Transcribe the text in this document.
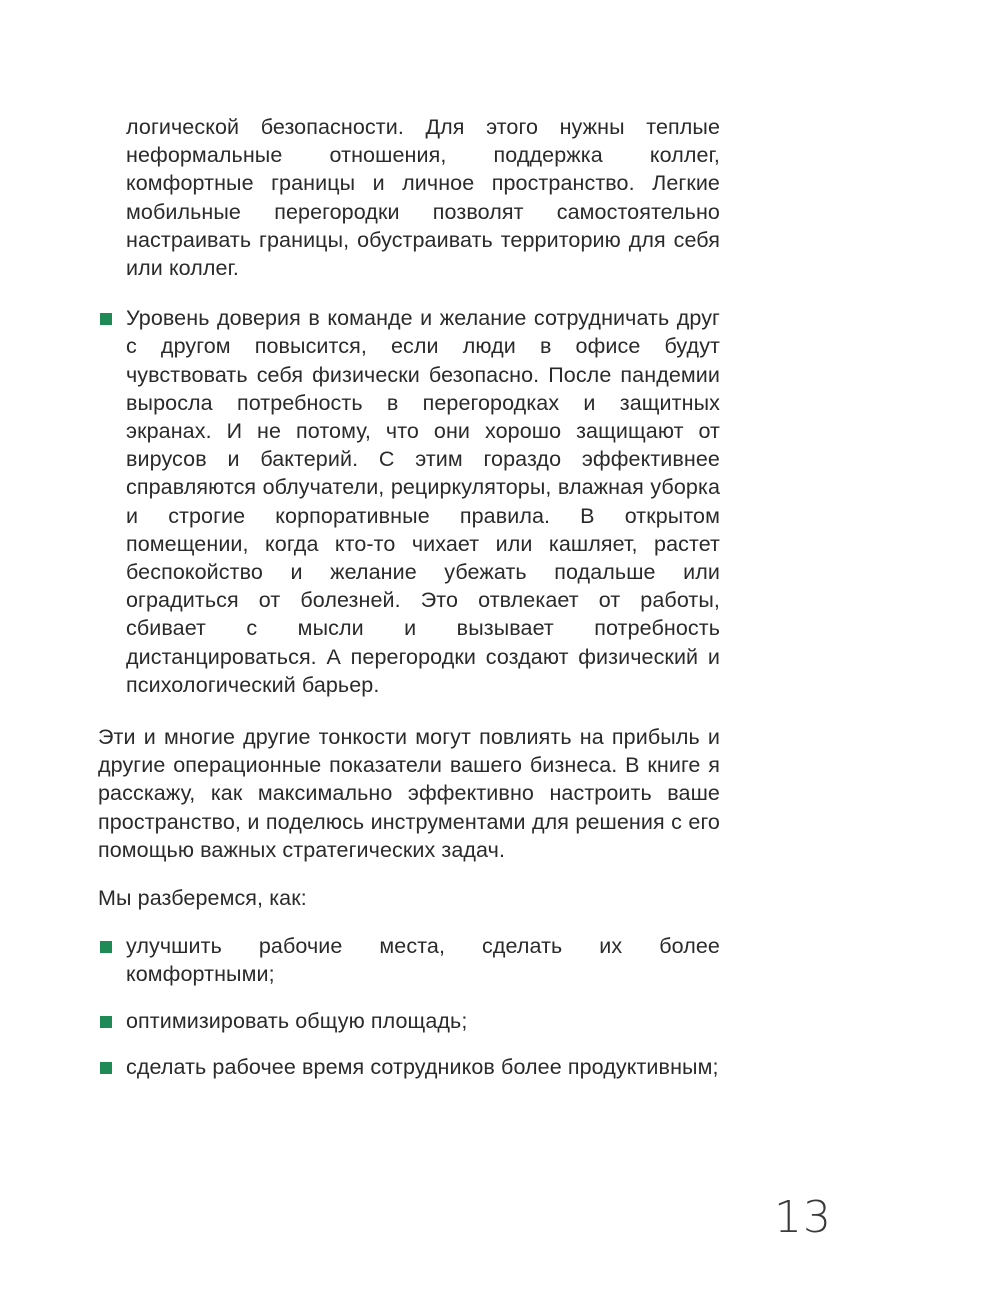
логической безопасности. Для этого нужны теплые неформальные отношения, поддержка коллег, комфортные границы и личное пространство. Легкие мобильные перегородки позволят самостоятельно настраивать границы, обустраивать территорию для себя или коллег.

Уровень доверия в команде и желание сотрудничать друг с другом повысится, если люди в офисе будут чувствовать себя физически безопасно. После пандемии выросла потребность в перегородках и защитных экранах. И не потому, что они хорошо защищают от вирусов и бактерий. С этим гораздо эффективнее справляются облучатели, рециркуляторы, влажная уборка и строгие корпоративные правила. В открытом помещении, когда кто-то чихает или кашляет, растет беспокойство и желание убежать подальше или оградиться от болезней. Это отвлекает от работы, сбивает с мысли и вызывает потребность дистанцироваться. А перегородки создают физический и психологический барьер.

Эти и многие другие тонкости могут повлиять на прибыль и другие операционные показатели вашего бизнеса. В книге я расскажу, как максимально эффективно настроить ваше пространство, и поделюсь инструментами для решения с его помощью важных стратегических задач.

Мы разберемся, как:

улучшить рабочие места, сделать их более комфортными;
оптимизировать общую площадь;
сделать рабочее время сотрудников более продуктивным;
13
